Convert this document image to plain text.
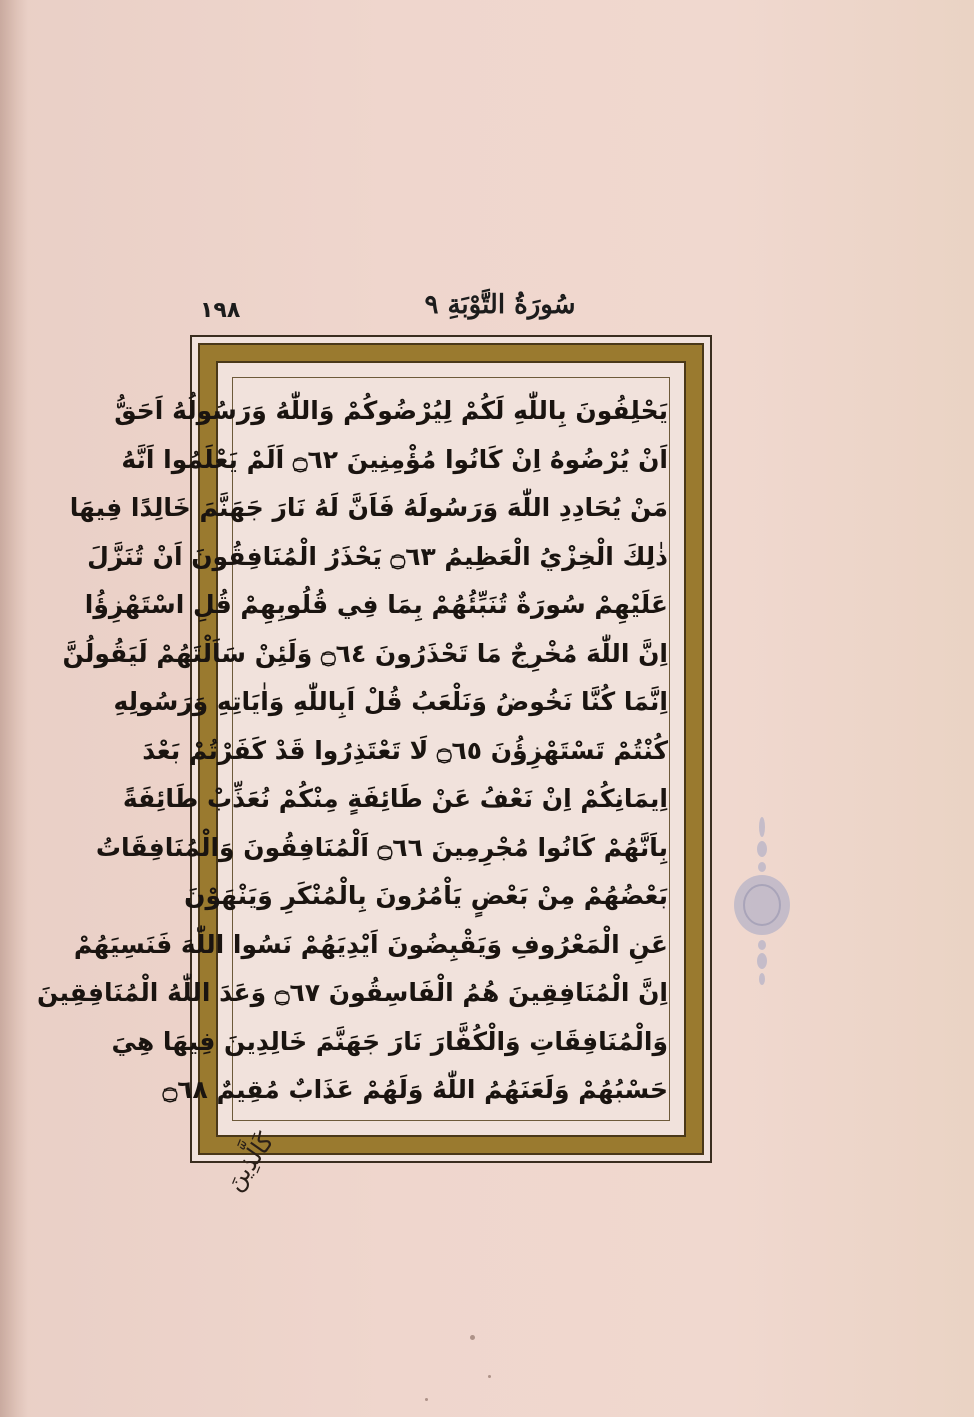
١٩٨	سُورَةُ التَّوْبَةِ ٩
يَحْلِفُونَ بِاللّٰهِ لَكُمْ لِيُرْضُوكُمْ وَاللّٰهُ وَرَسُولُهُ اَحَقُّ
اَنْ يُرْضُوهُ اِنْ كَانُوا مُؤْمِنِينَ ۝٦٢ اَلَمْ يَعْلَمُوا اَنَّهُ
مَنْ يُحَادِدِ اللّٰهَ وَرَسُولَهُ فَاَنَّ لَهُ نَارَ جَهَنَّمَ خَالِدًا فِيهَا
ذٰلِكَ الْخِزْيُ الْعَظِيمُ ۝٦٣ يَحْذَرُ الْمُنَافِقُونَ اَنْ تُنَزَّلَ
عَلَيْهِمْ سُورَةٌ تُنَبِّئُهُمْ بِمَا فِي قُلُوبِهِمْ قُلِ اسْتَهْزِؤُا
اِنَّ اللّٰهَ مُخْرِجٌ مَا تَحْذَرُونَ ۝٦٤ وَلَئِنْ سَاَلْتَهُمْ لَيَقُولُنَّ
اِنَّمَا كُنَّا نَخُوضُ وَنَلْعَبُ قُلْ اَبِاللّٰهِ وَاٰيَاتِهِ وَرَسُولِهِ
كُنْتُمْ تَسْتَهْزِؤُنَ ۝٦٥ لَا تَعْتَذِرُوا قَدْ كَفَرْتُمْ بَعْدَ
اِيمَانِكُمْ اِنْ نَعْفُ عَنْ طَائِفَةٍ مِنْكُمْ نُعَذِّبْ طَائِفَةً
بِاَنَّهُمْ كَانُوا مُجْرِمِينَ ۝٦٦ اَلْمُنَافِقُونَ وَالْمُنَافِقَاتُ
بَعْضُهُمْ مِنْ بَعْضٍ يَاْمُرُونَ بِالْمُنْكَرِ وَيَنْهَوْنَ
عَنِ الْمَعْرُوفِ وَيَقْبِضُونَ اَيْدِيَهُمْ نَسُوا اللّٰهَ فَنَسِيَهُمْ
اِنَّ الْمُنَافِقِينَ هُمُ الْفَاسِقُونَ ۝٦٧ وَعَدَ اللّٰهُ الْمُنَافِقِينَ
وَالْمُنَافِقَاتِ وَالْكُفَّارَ نَارَ جَهَنَّمَ خَالِدِينَ فِيهَا هِيَ
حَسْبُهُمْ وَلَعَنَهُمُ اللّٰهُ وَلَهُمْ عَذَابٌ مُقِيمٌ ۝٦٨
كَالَّذِينَ
